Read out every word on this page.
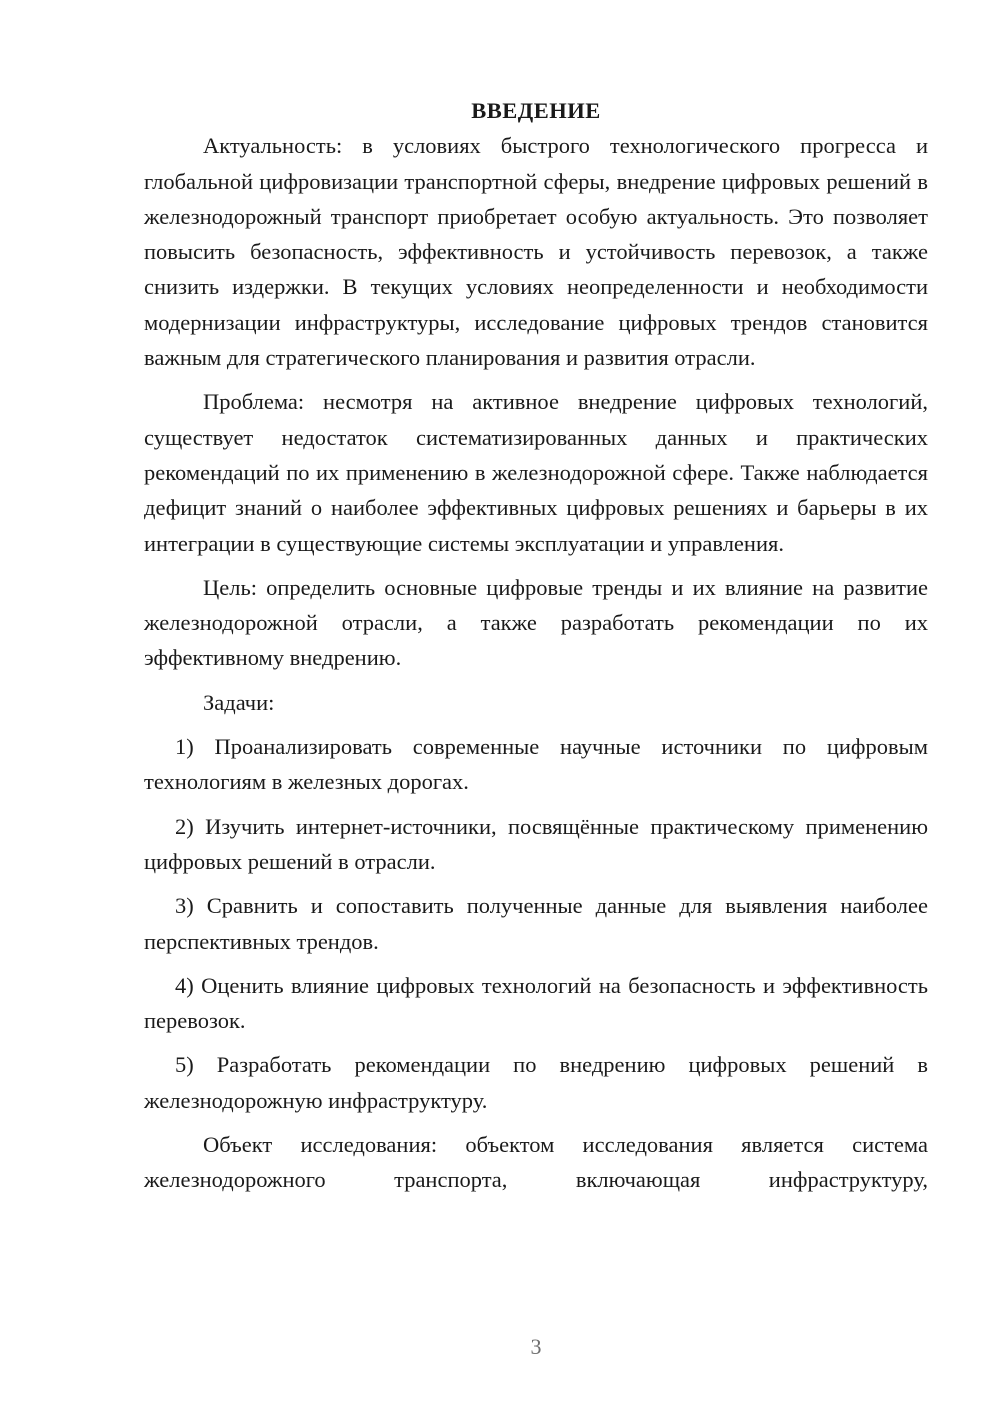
ВВЕДЕНИЕ

Актуальность: в условиях быстрого технологического прогресса и глобальной цифровизации транспортной сферы, внедрение цифровых решений в железнодорожный транспорт приобретает особую актуальность. Это позволяет повысить безопасность, эффективность и устойчивость перевозок, а также снизить издержки. В текущих условиях неопределенности и необходимости модернизации инфраструктуры, исследование цифровых трендов становится важным для стратегического планирования и развития отрасли.

Проблема: несмотря на активное внедрение цифровых технологий, существует недостаток систематизированных данных и практических рекомендаций по их применению в железнодорожной сфере. Также наблюдается дефицит знаний о наиболее эффективных цифровых решениях и барьеры в их интеграции в существующие системы эксплуатации и управления.

Цель: определить основные цифровые тренды и их влияние на развитие железнодорожной отрасли, а также разработать рекомендации по их эффективному внедрению.

Задачи:

1) Проанализировать современные научные источники по цифровым технологиям в железных дорогах.

2) Изучить интернет-источники, посвящённые практическому применению цифровых решений в отрасли.

3) Сравнить и сопоставить полученные данные для выявления наиболее перспективных трендов.

4) Оценить влияние цифровых технологий на безопасность и эффективность перевозок.

5) Разработать рекомендации по внедрению цифровых решений в железнодорожную инфраструктуру.

Объект исследования: объектом исследования является система железнодорожного транспорта, включающая инфраструктуру,

3
